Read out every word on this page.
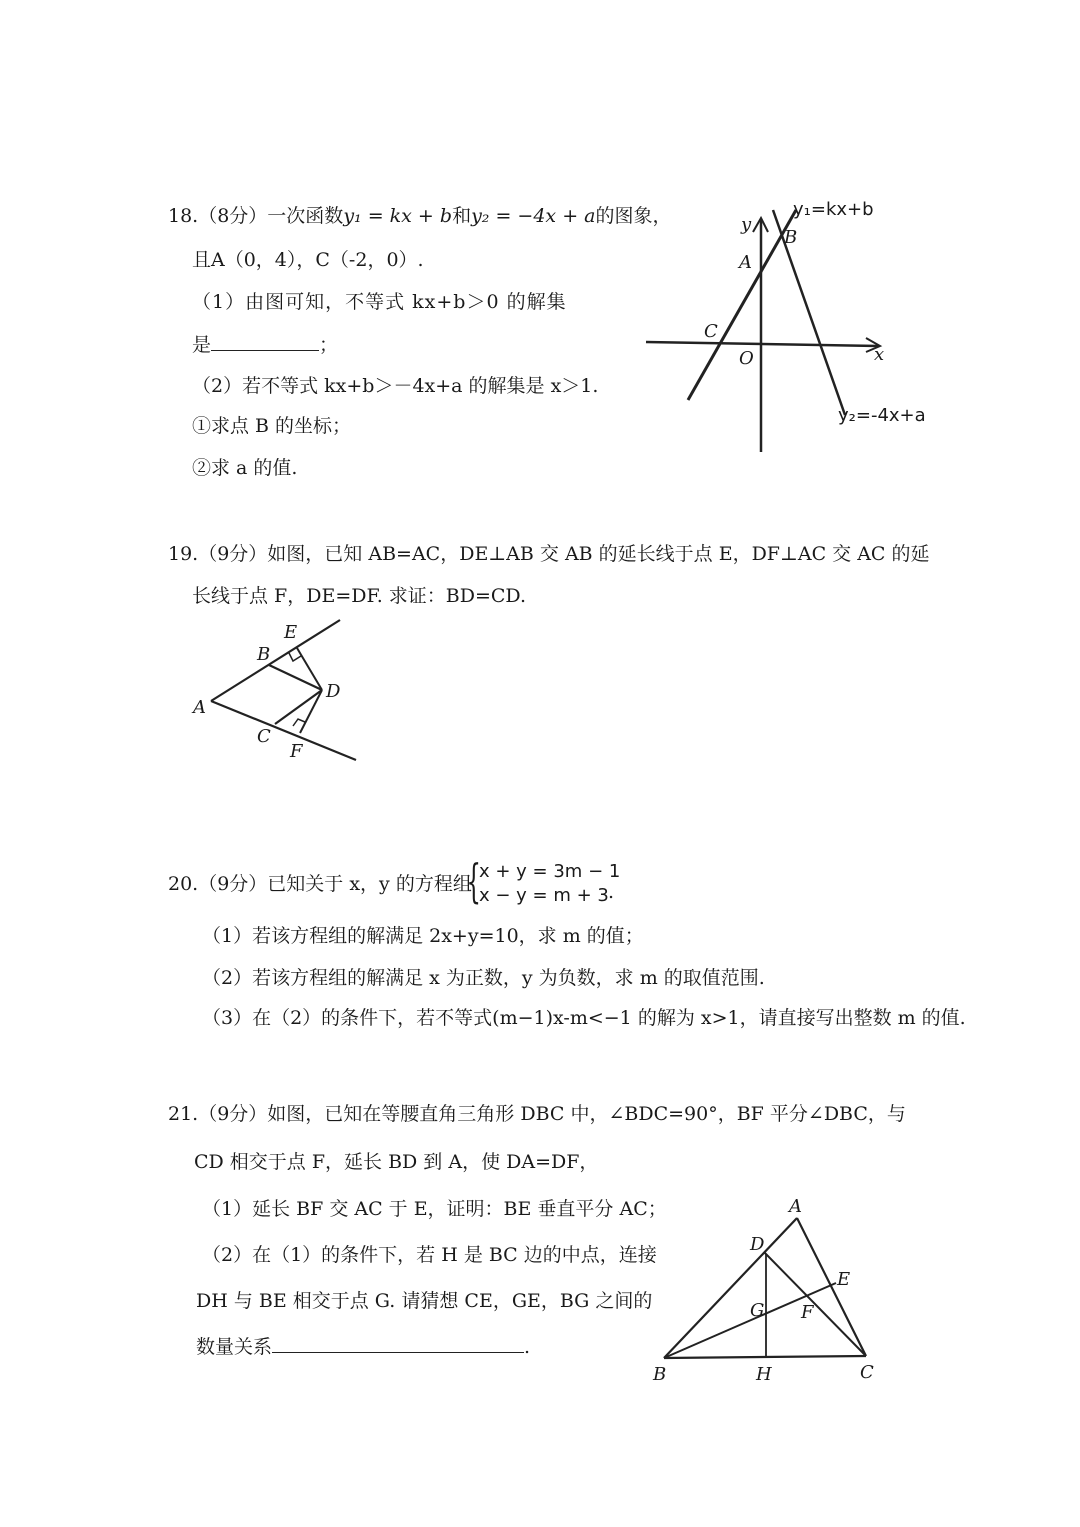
18.（8分）一次函数y₁ = kx + b和y₂ = −4x + a的图象，
且A（0，4），C（-2，0）.
（1）由图可知，不等式 kx+b＞0 的解集
是	；
（2）若不等式 kx+b＞－4x+a 的解集是 x＞1.
①求点 B 的坐标；
②求 a 的值.
y₁=kx+b
y₂=-4x+a
y
x
O
A
B
C
19.（9分）如图，已知 AB=AC，DE⊥AB 交 AB 的延长线于点 E，DF⊥AC 交 AC 的延
长线于点 F，DE=DF. 求证：BD=CD.
A
B
C
D
E
F
20.（9分）已知关于 x，y 的方程组
{
x + y = 3m − 1
x − y = m + 3 .
（1）若该方程组的解满足 2x+y=10，求 m 的值；
（2）若该方程组的解满足 x 为正数，y 为负数，求 m 的取值范围.
（3）在（2）的条件下，若不等式(m−1)x-m<−1 的解为 x>1，请直接写出整数 m 的值.
21.（9分）如图，已知在等腰直角三角形 DBC 中，∠BDC=90°，BF 平分∠DBC，与
CD 相交于点 F，延长 BD 到 A，使 DA=DF，
（1）延长 BF 交 AC 于 E，证明：BE 垂直平分 AC；
（2）在（1）的条件下，若 H 是 BC 边的中点，连接
DH 与 BE 相交于点 G. 请猜想 CE，GE，BG 之间的
数量关系	.
A
B	C
D
E
F
G
H
